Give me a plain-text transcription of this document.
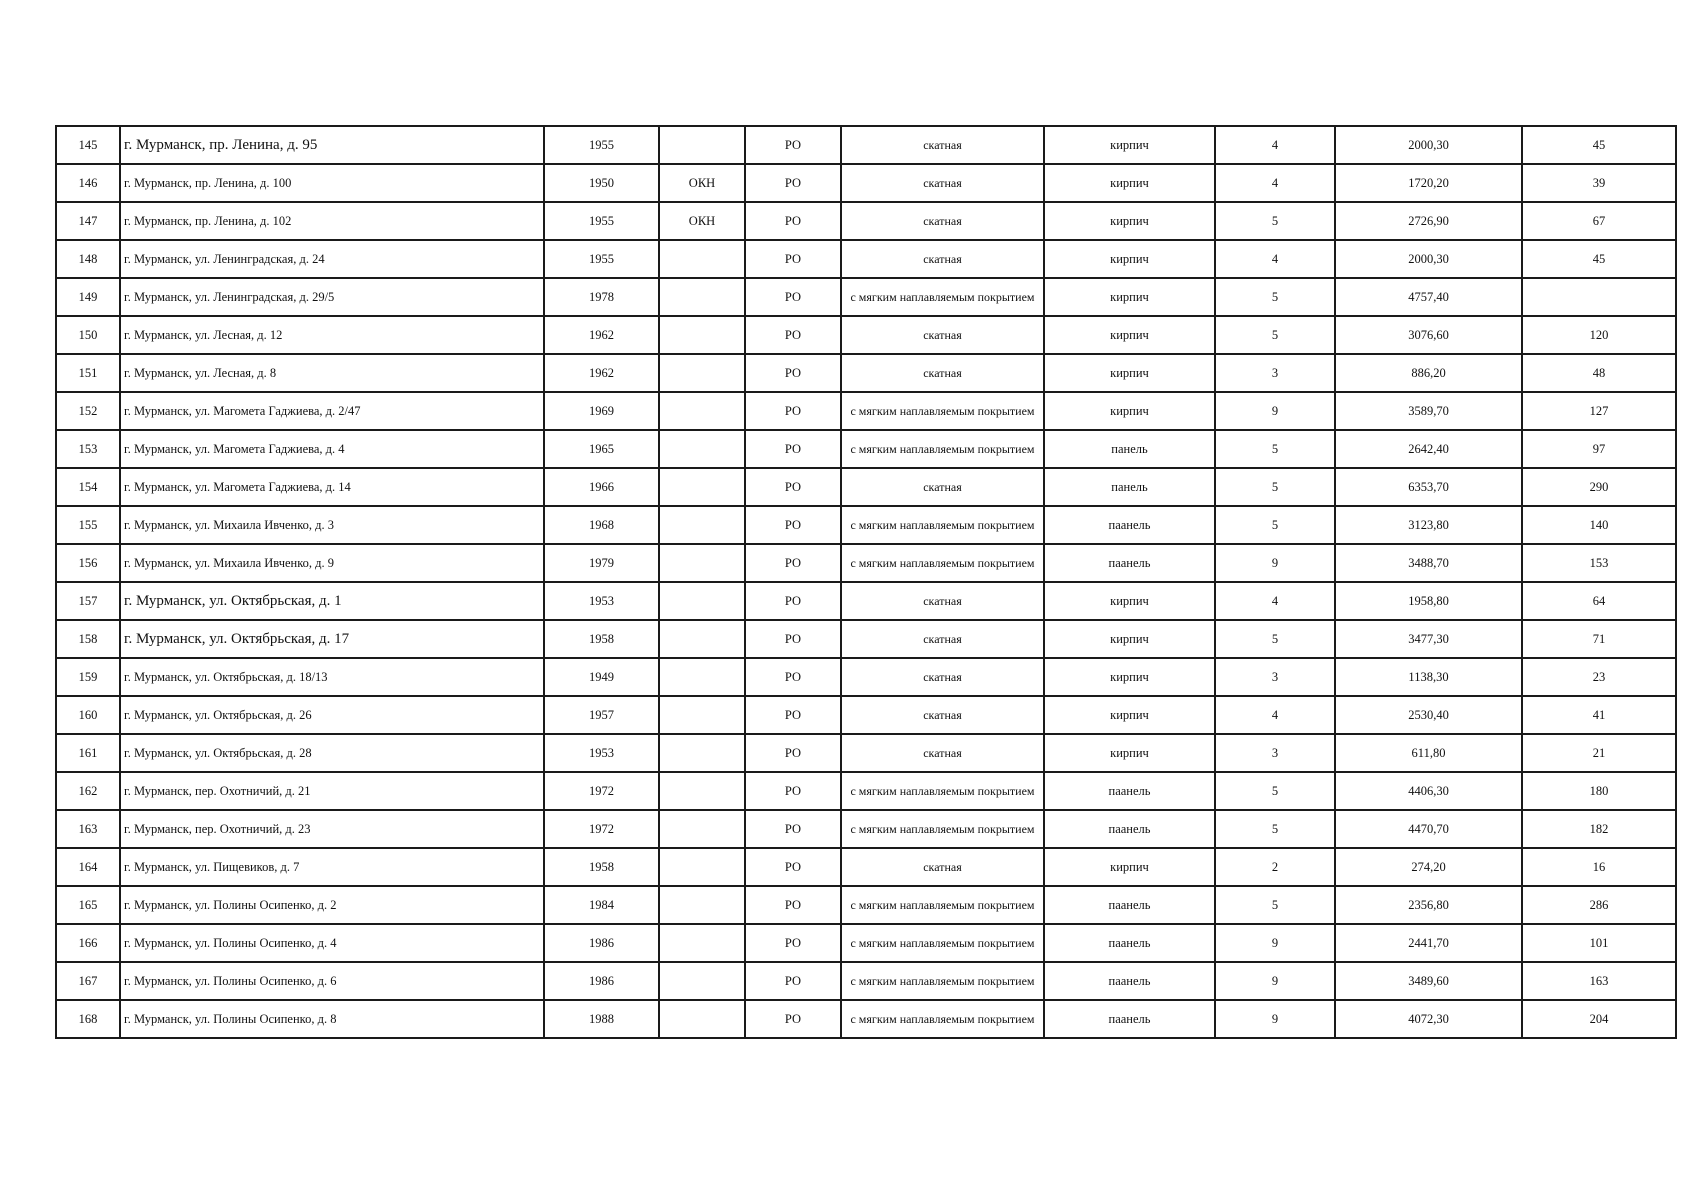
145	г. Мурманск, пр. Ленина, д. 95	1955		РО	скатная	кирпич	4	2000,30	45
146	г. Мурманск, пр. Ленина, д. 100	1950	ОКН	РО	скатная	кирпич	4	1720,20	39
147	г. Мурманск, пр. Ленина, д. 102	1955	ОКН	РО	скатная	кирпич	5	2726,90	67
148	г. Мурманск, ул. Ленинградская, д. 24	1955		РО	скатная	кирпич	4	2000,30	45
149	г. Мурманск, ул. Ленинградская, д. 29/5	1978		РО	с мягким наплавляемым покрытием	кирпич	5	4757,40	
150	г. Мурманск, ул. Лесная, д. 12	1962		РО	скатная	кирпич	5	3076,60	120
151	г. Мурманск, ул. Лесная, д. 8	1962		РО	скатная	кирпич	3	886,20	48
152	г. Мурманск, ул. Магомета Гаджиева, д. 2/47	1969		РО	с мягким наплавляемым покрытием	кирпич	9	3589,70	127
153	г. Мурманск, ул. Магомета Гаджиева, д. 4	1965		РО	с мягким наплавляемым покрытием	панель	5	2642,40	97
154	г. Мурманск, ул. Магомета Гаджиева, д. 14	1966		РО	скатная	панель	5	6353,70	290
155	г. Мурманск, ул. Михаила Ивченко, д. 3	1968		РО	с мягким наплавляемым покрытием	паанель	5	3123,80	140
156	г. Мурманск, ул. Михаила Ивченко, д. 9	1979		РО	с мягким наплавляемым покрытием	паанель	9	3488,70	153
157	г. Мурманск, ул. Октябрьская, д. 1	1953		РО	скатная	кирпич	4	1958,80	64
158	г. Мурманск, ул. Октябрьская, д. 17	1958		РО	скатная	кирпич	5	3477,30	71
159	г. Мурманск, ул. Октябрьская, д. 18/13	1949		РО	скатная	кирпич	3	1138,30	23
160	г. Мурманск, ул. Октябрьская, д. 26	1957		РО	скатная	кирпич	4	2530,40	41
161	г. Мурманск, ул. Октябрьская, д. 28	1953		РО	скатная	кирпич	3	611,80	21
162	г. Мурманск, пер. Охотничий, д. 21	1972		РО	с мягким наплавляемым покрытием	паанель	5	4406,30	180
163	г. Мурманск, пер. Охотничий, д. 23	1972		РО	с мягким наплавляемым покрытием	паанель	5	4470,70	182
164	г. Мурманск, ул. Пищевиков, д. 7	1958		РО	скатная	кирпич	2	274,20	16
165	г. Мурманск, ул. Полины Осипенко, д. 2	1984		РО	с мягким наплавляемым покрытием	паанель	5	2356,80	286
166	г. Мурманск, ул. Полины Осипенко, д. 4	1986		РО	с мягким наплавляемым покрытием	паанель	9	2441,70	101
167	г. Мурманск, ул. Полины Осипенко, д. 6	1986		РО	с мягким наплавляемым покрытием	паанель	9	3489,60	163
168	г. Мурманск, ул. Полины Осипенко, д. 8	1988		РО	с мягким наплавляемым покрытием	паанель	9	4072,30	204
